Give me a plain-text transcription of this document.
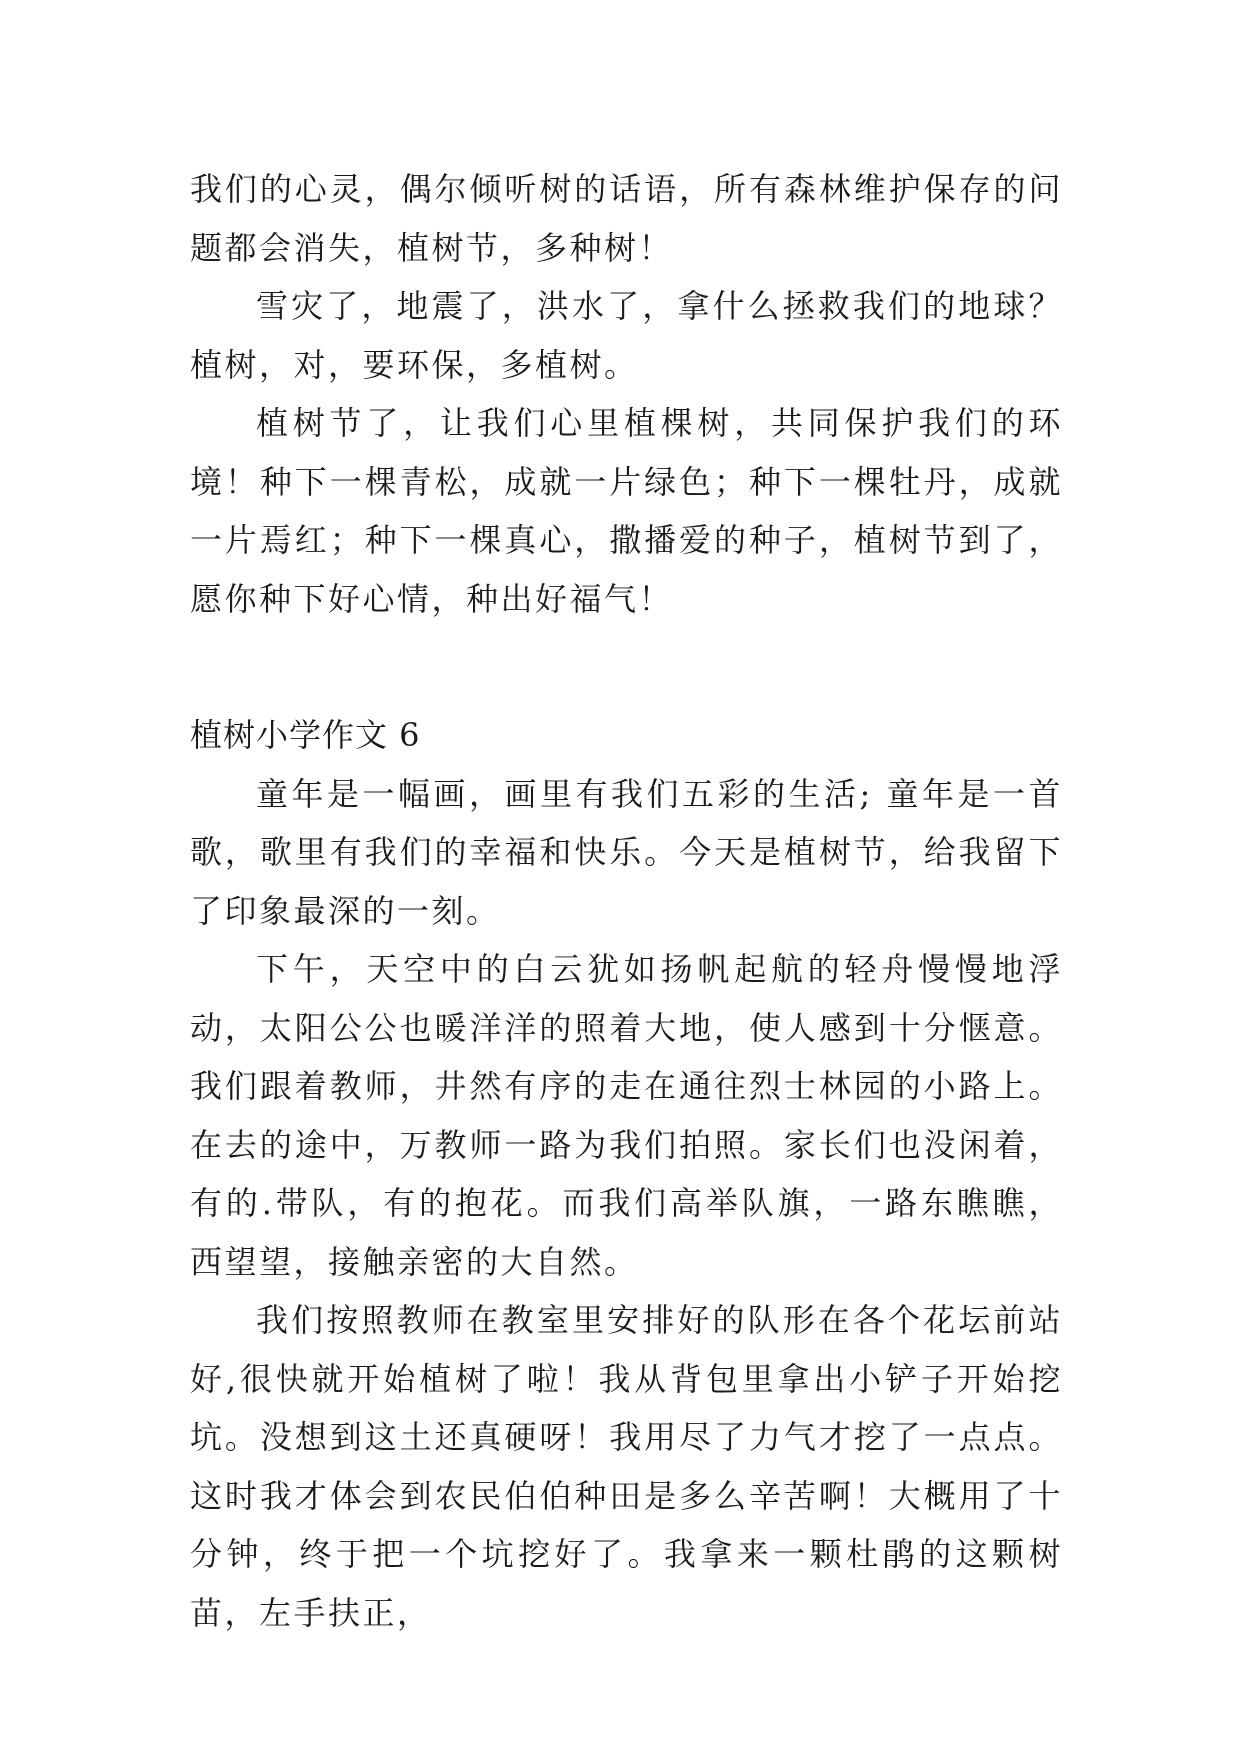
我们的心灵，偶尔倾听树的话语，所有森林维护保存的问题都会消失，植树节，多种树！

雪灾了，地震了，洪水了，拿什么拯救我们的地球？植树，对，要环保，多植树。

植树节了，让我们心里植棵树，共同保护我们的环境！种下一棵青松，成就一片绿色；种下一棵牡丹，成就一片焉红；种下一棵真心，撒播爱的种子，植树节到了，愿你种下好心情，种出好福气！

植树小学作文 6

童年是一幅画，画里有我们五彩的生活; 童年是一首歌，歌里有我们的幸福和快乐。今天是植树节，给我留下了印象最深的一刻。

下午，天空中的白云犹如扬帆起航的轻舟慢慢地浮动，太阳公公也暖洋洋的照着大地，使人感到十分惬意。我们跟着教师，井然有序的走在通往烈士林园的小路上。在去的途中，万教师一路为我们拍照。家长们也没闲着，有的.带队，有的抱花。而我们高举队旗，一路东瞧瞧，西望望，接触亲密的大自然。

我们按照教师在教室里安排好的队形在各个花坛前站好,很快就开始植树了啦！我从背包里拿出小铲子开始挖坑。没想到这土还真硬呀！我用尽了力气才挖了一点点。这时我才体会到农民伯伯种田是多么辛苦啊！大概用了十分钟，终于把一个坑挖好了。我拿来一颗杜鹃的这颗树苗，左手扶正，
